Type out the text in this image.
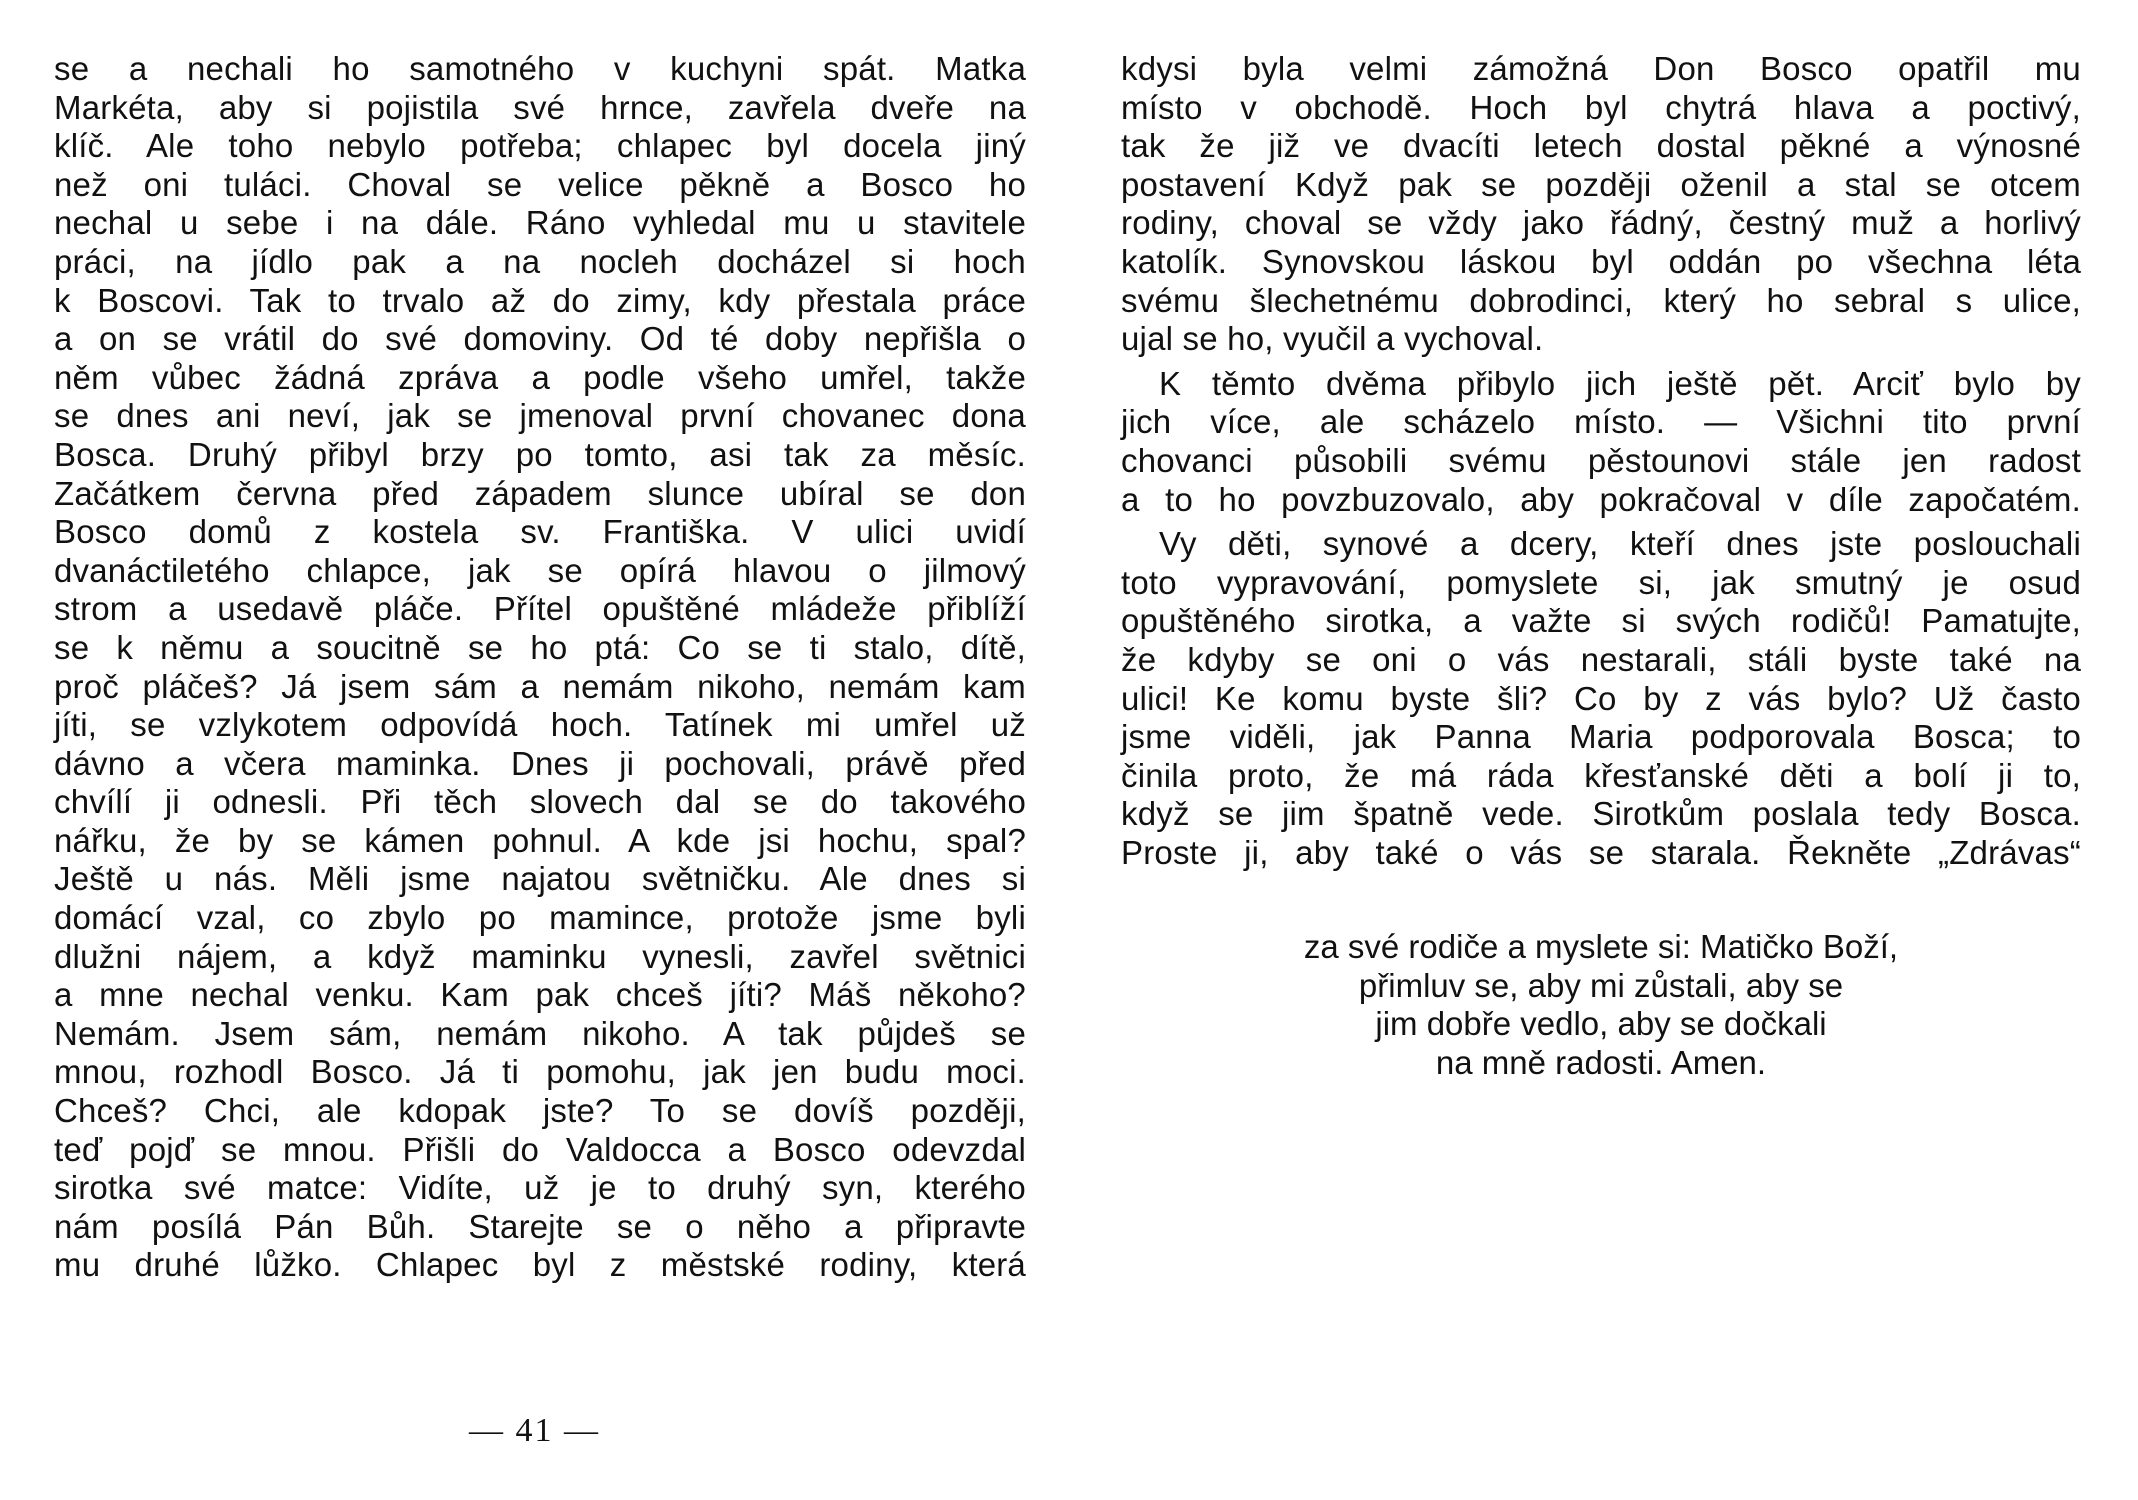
se a nechali ho samotného v kuchyni spát. Matka
Markéta, aby si pojistila své hrnce, zavřela dveře na
klíč. Ale toho nebylo potřeba; chlapec byl docela jiný
než oni tuláci. Choval se velice pěkně a Bosco ho
nechal u sebe i na dále. Ráno vyhledal mu u stavitele
práci, na jídlo pak a na nocleh docházel si hoch
k Boscovi. Tak to trvalo až do zimy, kdy přestala práce
a on se vrátil do své domoviny. Od té doby nepřišla o
něm vůbec žádná zpráva a podle všeho umřel, takže
se dnes ani neví, jak se jmenoval první chovanec dona
Bosca. Druhý přibyl brzy po tomto, asi tak za měsíc.
Začátkem června před západem slunce ubíral se don
Bosco domů z kostela sv. Františka. V ulici uvidí
dvanáctiletého chlapce, jak se opírá hlavou o jilmový
strom a usedavě pláče. Přítel opuštěné mládeže přiblíží
se k němu a soucitně se ho ptá: Co se ti stalo, dítě,
proč pláčeš? Já jsem sám a nemám nikoho, nemám kam
jíti, se vzlykotem odpovídá hoch. Tatínek mi umřel už
dávno a včera maminka. Dnes ji pochovali, právě před
chvílí ji odnesli. Při těch slovech dal se do takového
nářku, že by se kámen pohnul. A kde jsi hochu, spal?
Ještě u nás. Měli jsme najatou světničku. Ale dnes si
domácí vzal, co zbylo po mamince, protože jsme byli
dlužni nájem, a když maminku vynesli, zavřel světnici
a mne nechal venku. Kam pak chceš jíti? Máš někoho?
Nemám. Jsem sám, nemám nikoho. A tak půjdeš se
mnou, rozhodl Bosco. Já ti pomohu, jak jen budu moci.
Chceš? Chci, ale kdopak jste? To se dovíš později,
teď pojď se mnou. Přišli do Valdocca a Bosco odevzdal
sirotka své matce: Vidíte, už je to druhý syn, kterého
nám posílá Pán Bůh. Starejte se o něho a připravte
mu druhé lůžko. Chlapec byl z městské rodiny, která
— 41 —
kdysi byla velmi zámožná Don Bosco opatřil mu
místo v obchodě. Hoch byl chytrá hlava a poctivý,
tak že již ve dvacíti letech dostal pěkné a výnosné
postavení Když pak se později oženil a stal se otcem
rodiny, choval se vždy jako řádný, čestný muž a horlivý
katolík. Synovskou láskou byl oddán po všechna léta
svému šlechetnému dobrodinci, který ho sebral s ulice,
ujal se ho, vyučil a vychoval.
K těmto dvěma přibylo jich ještě pět. Arciť bylo by
jich více, ale scházelo místo. — Všichni tito první
chovanci působili svému pěstounovi stále jen radost
a to ho povzbuzovalo, aby pokračoval v díle započatém.
Vy děti, synové a dcery, kteří dnes jste poslouchali
toto vypravování, pomyslete si, jak smutný je osud
opuštěného sirotka, a važte si svých rodičů! Pamatujte,
že kdyby se oni o vás nestarali, stáli byste také na
ulici! Ke komu byste šli? Co by z vás bylo? Už často
jsme viděli, jak Panna Maria podporovala Bosca; to
činila proto, že má ráda křesťanské děti a bolí ji to,
když se jim špatně vede. Sirotkům poslala tedy Bosca.
Proste ji, aby také o vás se starala. Řekněte „Zdrávas“
za své rodiče a myslete si: Matičko Boží,
přimluv se, aby mi zůstali, aby se
jim dobře vedlo, aby se dočkali
na mně radosti. Amen.
